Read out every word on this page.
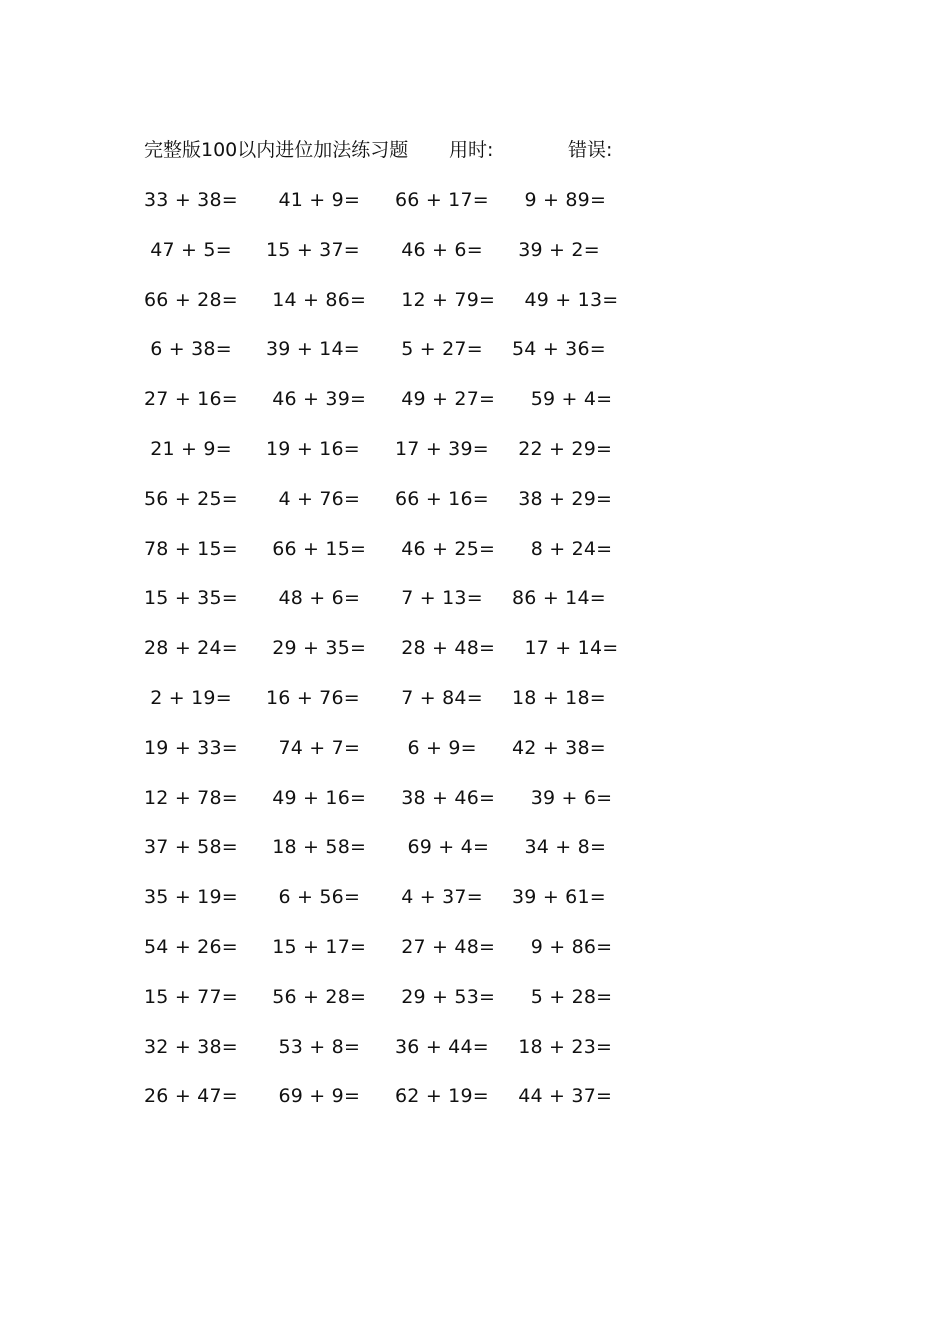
完整版100以内进位加法练习题 用时:	错误:
33 + 38= 41 + 9= 66 + 17= 9 + 89=
47 + 5= 15 + 37= 46 + 6= 39 + 2=
66 + 28= 14 + 86= 12 + 79= 49 + 13=
6 + 38= 39 + 14= 5 + 27= 54 + 36=
27 + 16= 46 + 39= 49 + 27= 59 + 4=
21 + 9= 19 + 16= 17 + 39= 22 + 29=
56 + 25= 4 + 76= 66 + 16= 38 + 29=
78 + 15= 66 + 15= 46 + 25= 8 + 24=
15 + 35= 48 + 6= 7 + 13= 86 + 14=
28 + 24= 29 + 35= 28 + 48= 17 + 14=
2 + 19= 16 + 76= 7 + 84= 18 + 18=
19 + 33= 74 + 7= 6 + 9= 42 + 38=
12 + 78= 49 + 16= 38 + 46= 39 + 6=
37 + 58= 18 + 58= 69 + 4= 34 + 8=
35 + 19= 6 + 56= 4 + 37= 39 + 61=
54 + 26= 15 + 17= 27 + 48= 9 + 86=
15 + 77= 56 + 28= 29 + 53= 5 + 28=
32 + 38= 53 + 8= 36 + 44= 18 + 23=
26 + 47= 69 + 9= 62 + 19= 44 + 37=
